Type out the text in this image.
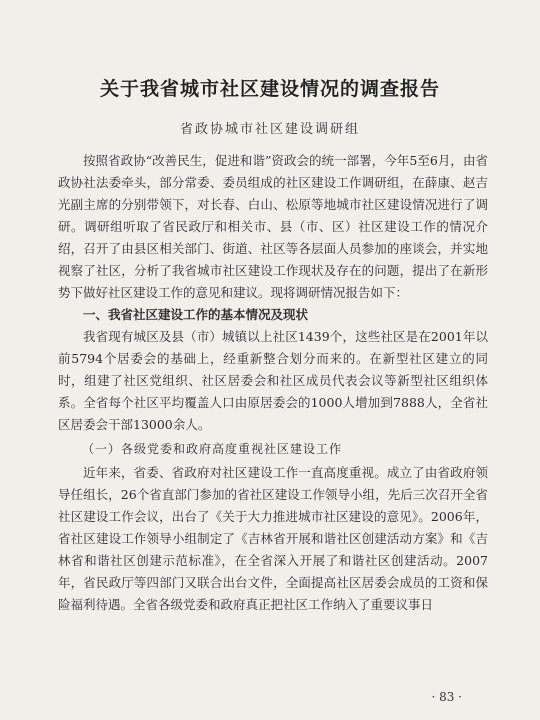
关于我省城市社区建设情况的调查报告
省政协城市社区建设调研组

按照省政协“改善民生，促进和谐”资政会的统一部署，今年5至6月，由省政协社法委牵头，部分常委、委员组成的社区建设工作调研组，在薛康、赵吉光副主席的分别带领下，对长春、白山、松原等地城市社区建设情况进行了调研。调研组听取了省民政厅和相关市、县（市、区）社区建设工作的情况介绍，召开了由县区相关部门、街道、社区等各层面人员参加的座谈会，并实地视察了社区，分析了我省城市社区建设工作现状及存在的问题，提出了在新形势下做好社区建设工作的意见和建议。现将调研情况报告如下：

一、我省社区建设工作的基本情况及现状

我省现有城区及县（市）城镇以上社区1439个，这些社区是在2001年以前5794个居委会的基础上，经重新整合划分而来的。在新型社区建立的同时，组建了社区党组织、社区居委会和社区成员代表会议等新型社区组织体系。全省每个社区平均覆盖人口由原居委会的1000人增加到7888人，全省社区居委会干部13000余人。

（一）各级党委和政府高度重视社区建设工作

近年来，省委、省政府对社区建设工作一直高度重视。成立了由省政府领导任组长，26个省直部门参加的省社区建设工作领导小组，先后三次召开全省社区建设工作会议，出台了《关于大力推进城市社区建设的意见》。2006年，省社区建设工作领导小组制定了《吉林省开展和谐社区创建活动方案》和《吉林省和谐社区创建示范标准》，在全省深入开展了和谐社区创建活动。2007年，省民政厅等四部门又联合出台文件，全面提高社区居委会成员的工资和保险福利待遇。全省各级党委和政府真正把社区工作纳入了重要议事日

· 83 ·
